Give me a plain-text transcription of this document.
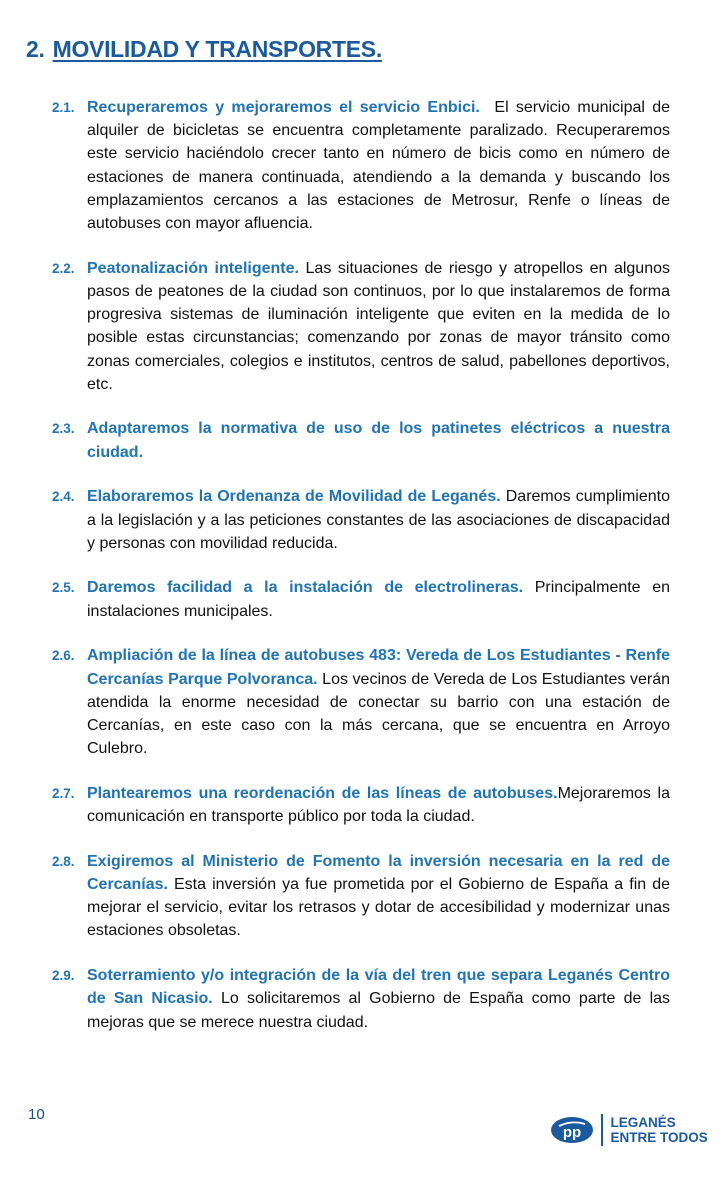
2. MOVILIDAD Y TRANSPORTES.
2.1. Recuperaremos y mejoraremos el servicio Enbici. El servicio municipal de alquiler de bicicletas se encuentra completamente paralizado. Recuperaremos este servicio haciéndolo crecer tanto en número de bicis como en número de estaciones de manera continuada, atendiendo a la demanda y buscando los emplazamientos cercanos a las estaciones de Metrosur, Renfe o líneas de autobuses con mayor afluencia.
2.2. Peatonalización inteligente. Las situaciones de riesgo y atropellos en algunos pasos de peatones de la ciudad son continuos, por lo que instalaremos de forma progresiva sistemas de iluminación inteligente que eviten en la medida de lo posible estas circunstancias; comenzando por zonas de mayor tránsito como zonas comerciales, colegios e institutos, centros de salud, pabellones deportivos, etc.
2.3. Adaptaremos la normativa de uso de los patinetes eléctricos a nuestra ciudad.
2.4. Elaboraremos la Ordenanza de Movilidad de Leganés. Daremos cumplimiento a la legislación y a las peticiones constantes de las asociaciones de discapacidad y personas con movilidad reducida.
2.5. Daremos facilidad a la instalación de electrolineras. Principalmente en instalaciones municipales.
2.6. Ampliación de la línea de autobuses 483: Vereda de Los Estudiantes - Renfe Cercanías Parque Polvoranca. Los vecinos de Vereda de Los Estudiantes verán atendida la enorme necesidad de conectar su barrio con una estación de Cercanías, en este caso con la más cercana, que se encuentra en Arroyo Culebro.
2.7. Plantearemos una reordenación de las líneas de autobuses.Mejoraremos la comunicación en transporte público por toda la ciudad.
2.8. Exigiremos al Ministerio de Fomento la inversión necesaria en la red de Cercanías. Esta inversión ya fue prometida por el Gobierno de España a fin de mejorar el servicio, evitar los retrasos y dotar de accesibilidad y modernizar unas estaciones obsoletas.
2.9. Soterramiento y/o integración de la vía del tren que separa Leganés Centro de San Nicasio. Lo solicitaremos al Gobierno de España como parte de las mejoras que se merece nuestra ciudad.
10
pp
LEGANÉS
ENTRE TODOS
